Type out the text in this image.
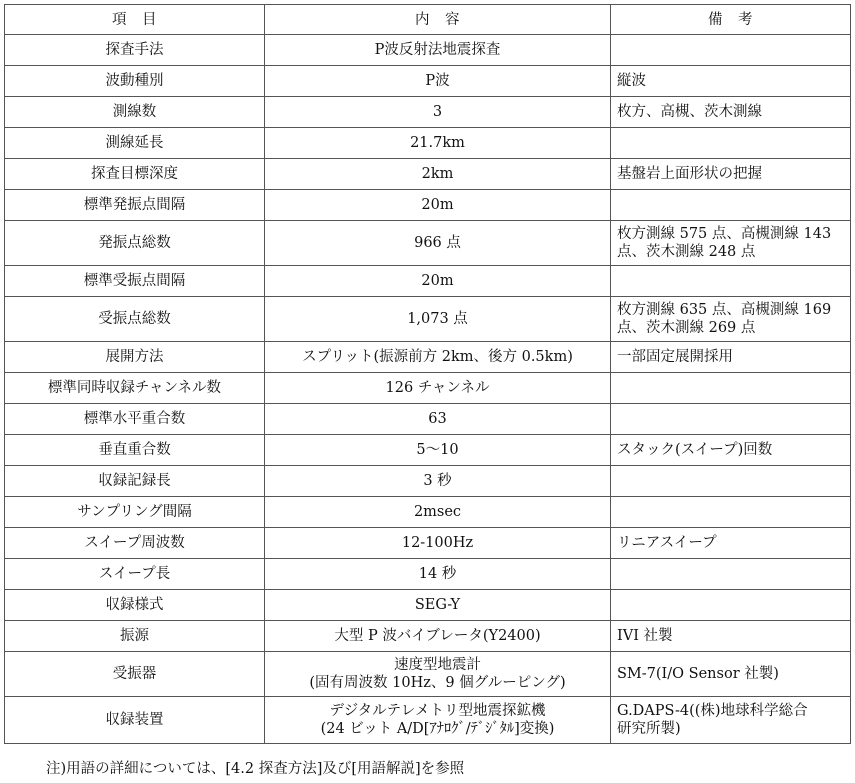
項　目	内　容	備　考
探査手法	P波反射法地震探査	

波動種別	P波	縦波

測線数	3	枚方、高槻、茨木測線

測線延長	21.7km	

探査目標深度	2km	基盤岩上面形状の把握

標準発振点間隔	20m	

発振点総数	966 点	枚方測線 575 点、高槻測線 143
点、茨木測線 248 点

標準受振点間隔	20m	

受振点総数	1,073 点	枚方測線 635 点、高槻測線 169
点、茨木測線 269 点

展開方法	スプリット(振源前方 2km、後方 0.5km)	一部固定展開採用

標準同時収録チャンネル数	126 チャンネル	

標準水平重合数	63	

垂直重合数	5～10	スタック(スイープ)回数

収録記録長	3 秒	

サンプリング間隔	2msec	

スイープ周波数	12-100Hz	リニアスイープ

スイープ長	14 秒	

収録様式	SEG-Y	

振源	大型 P 波バイブレータ(Y2400)	IVI 社製

受振器	速度型地震計
(固有周波数 10Hz、9 個グルーピング)	SM-7(I/O Sensor 社製)

収録装置	デジタルテレメトリ型地震探鉱機
(24 ビット A/D[ｱﾅﾛｸﾞ/ﾃﾞｼﾞﾀﾙ]変換)	G.DAPS-4((株)地球科学総合
研究所製)
注)用語の詳細については、[4.2 探査方法]及び[用語解説]を参照
